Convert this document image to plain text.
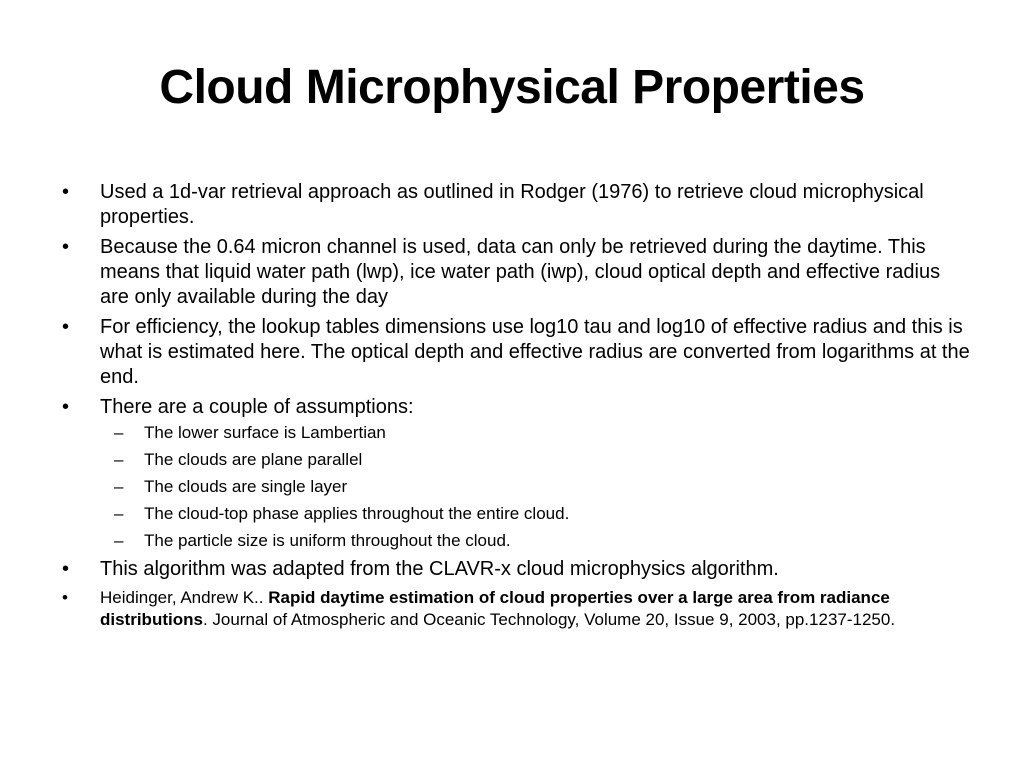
Cloud Microphysical Properties
•	Used a 1d-var retrieval approach as outlined in Rodger (1976) to retrieve cloud microphysical properties.
•	Because the 0.64 micron channel is used, data can only be retrieved during the daytime. This means that liquid water path (lwp), ice water path (iwp), cloud optical depth and effective radius are only available during the day
•	For efficiency, the lookup tables dimensions use log10 tau and log10 of effective radius and this is what is estimated here. The optical depth and effective radius are converted from logarithms at the end.
•	There are a couple of assumptions:
– The lower surface is Lambertian
– The clouds are plane parallel
– The clouds are single layer
– The cloud-top phase applies throughout the entire cloud.
– The particle size is uniform throughout the cloud.
•	This algorithm was adapted from the CLAVR-x cloud microphysics algorithm.
•	Heidinger, Andrew K.. Rapid daytime estimation of cloud properties over a large area from radiance distributions. Journal of Atmospheric and Oceanic Technology, Volume 20, Issue 9, 2003, pp.1237-1250.
